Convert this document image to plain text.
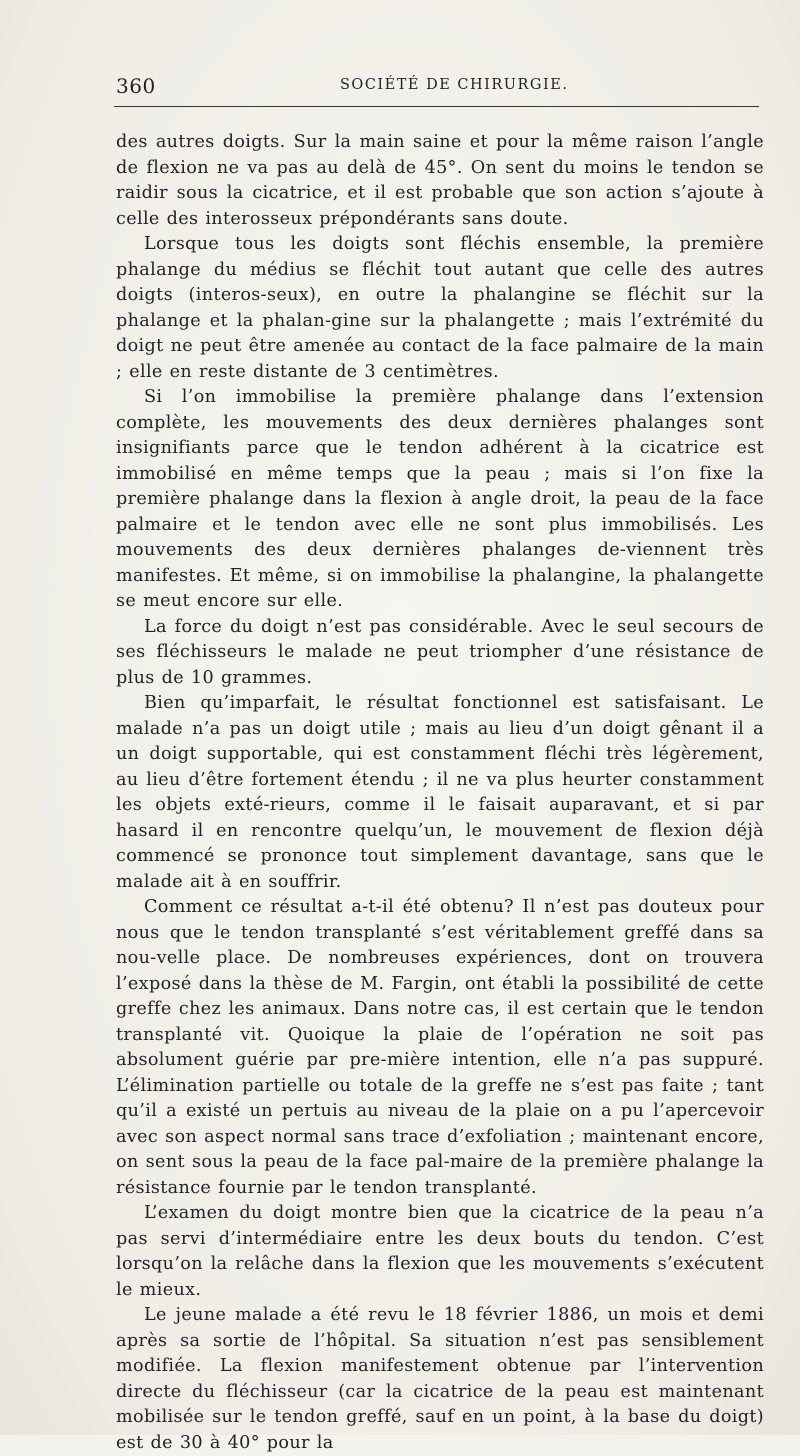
360	SOCIÉTÉ DE CHIRURGIE.

des autres doigts. Sur la main saine et pour la même raison l’angle de flexion ne va pas au delà de 45°. On sent du moins le tendon se raidir sous la cicatrice, et il est probable que son action s’ajoute à celle des interosseux prépondérants sans doute.

Lorsque tous les doigts sont fléchis ensemble, la première phalange du médius se fléchit tout autant que celle des autres doigts (interos-seux), en outre la phalangine se fléchit sur la phalange et la phalan-gine sur la phalangette ; mais l’extrémité du doigt ne peut être amenée au contact de la face palmaire de la main ; elle en reste distante de 3 centimètres.

Si l’on immobilise la première phalange dans l’extension complète, les mouvements des deux dernières phalanges sont insignifiants parce que le tendon adhérent à la cicatrice est immobilisé en même temps que la peau ; mais si l’on fixe la première phalange dans la flexion à angle droit, la peau de la face palmaire et le tendon avec elle ne sont plus immobilisés. Les mouvements des deux dernières phalanges de-viennent très manifestes. Et même, si on immobilise la phalangine, la phalangette se meut encore sur elle.

La force du doigt n’est pas considérable. Avec le seul secours de ses fléchisseurs le malade ne peut triompher d’une résistance de plus de 10 grammes.

Bien qu’imparfait, le résultat fonctionnel est satisfaisant. Le malade n’a pas un doigt utile ; mais au lieu d’un doigt gênant il a un doigt supportable, qui est constamment fléchi très légèrement, au lieu d’être fortement étendu ; il ne va plus heurter constamment les objets exté-rieurs, comme il le faisait auparavant, et si par hasard il en rencontre quelqu’un, le mouvement de flexion déjà commencé se prononce tout simplement davantage, sans que le malade ait à en souffrir.

Comment ce résultat a-t-il été obtenu? Il n’est pas douteux pour nous que le tendon transplanté s’est véritablement greffé dans sa nou-velle place. De nombreuses expériences, dont on trouvera l’exposé dans la thèse de M. Fargin, ont établi la possibilité de cette greffe chez les animaux. Dans notre cas, il est certain que le tendon transplanté vit. Quoique la plaie de l’opération ne soit pas absolument guérie par pre-mière intention, elle n’a pas suppuré. L’élimination partielle ou totale de la greffe ne s’est pas faite ; tant qu’il a existé un pertuis au niveau de la plaie on a pu l’apercevoir avec son aspect normal sans trace d’exfoliation ; maintenant encore, on sent sous la peau de la face pal-maire de la première phalange la résistance fournie par le tendon transplanté.

L’examen du doigt montre bien que la cicatrice de la peau n’a pas servi d’intermédiaire entre les deux bouts du tendon. C’est lorsqu’on la relâche dans la flexion que les mouvements s’exécutent le mieux.

Le jeune malade a été revu le 18 février 1886, un mois et demi après sa sortie de l’hôpital. Sa situation n’est pas sensiblement modifiée. La flexion manifestement obtenue par l’intervention directe du fléchisseur (car la cicatrice de la peau est maintenant mobilisée sur le tendon greffé, sauf en un point, à la base du doigt) est de 30 à 40° pour la
